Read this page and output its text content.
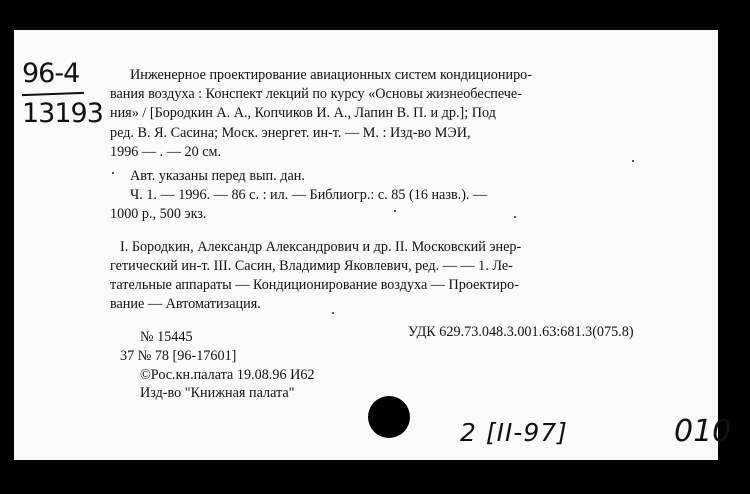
96-4
13193
Инженерное проектирование авиационных систем кондициониро-
вания воздуха : Конспект лекций по курсу «Основы жизнеобеспече-
ния» / [Бородкин А. А., Копчиков И. А., Лапин В. П. и др.]; Под
ред. В. Я. Сасина; Моск. энергет. ин-т. — М. : Изд-во МЭИ,
1996 — . — 20 см.
Авт. указаны перед вып. дан.
Ч. 1. — 1996. — 86 с. : ил. — Библиогр.: с. 85 (16 назв.). —
1000 р., 500 экз.
I. Бородкин, Александр Александрович и др. II. Московский энер-
гетический ин-т. III. Сасин, Владимир Яковлевич, ред. — — 1. Ле-
тательные аппараты — Кондиционирование воздуха — Проектиро-
вание — Автоматизация.
№ 15445	УДК 629.73.048.3.001.63:681.3(075.8)
37 № 78 [96-17601]
©Рос.кн.палата 19.08.96 И62
Изд-во "Книжная палата"
2 [II-97]	010
